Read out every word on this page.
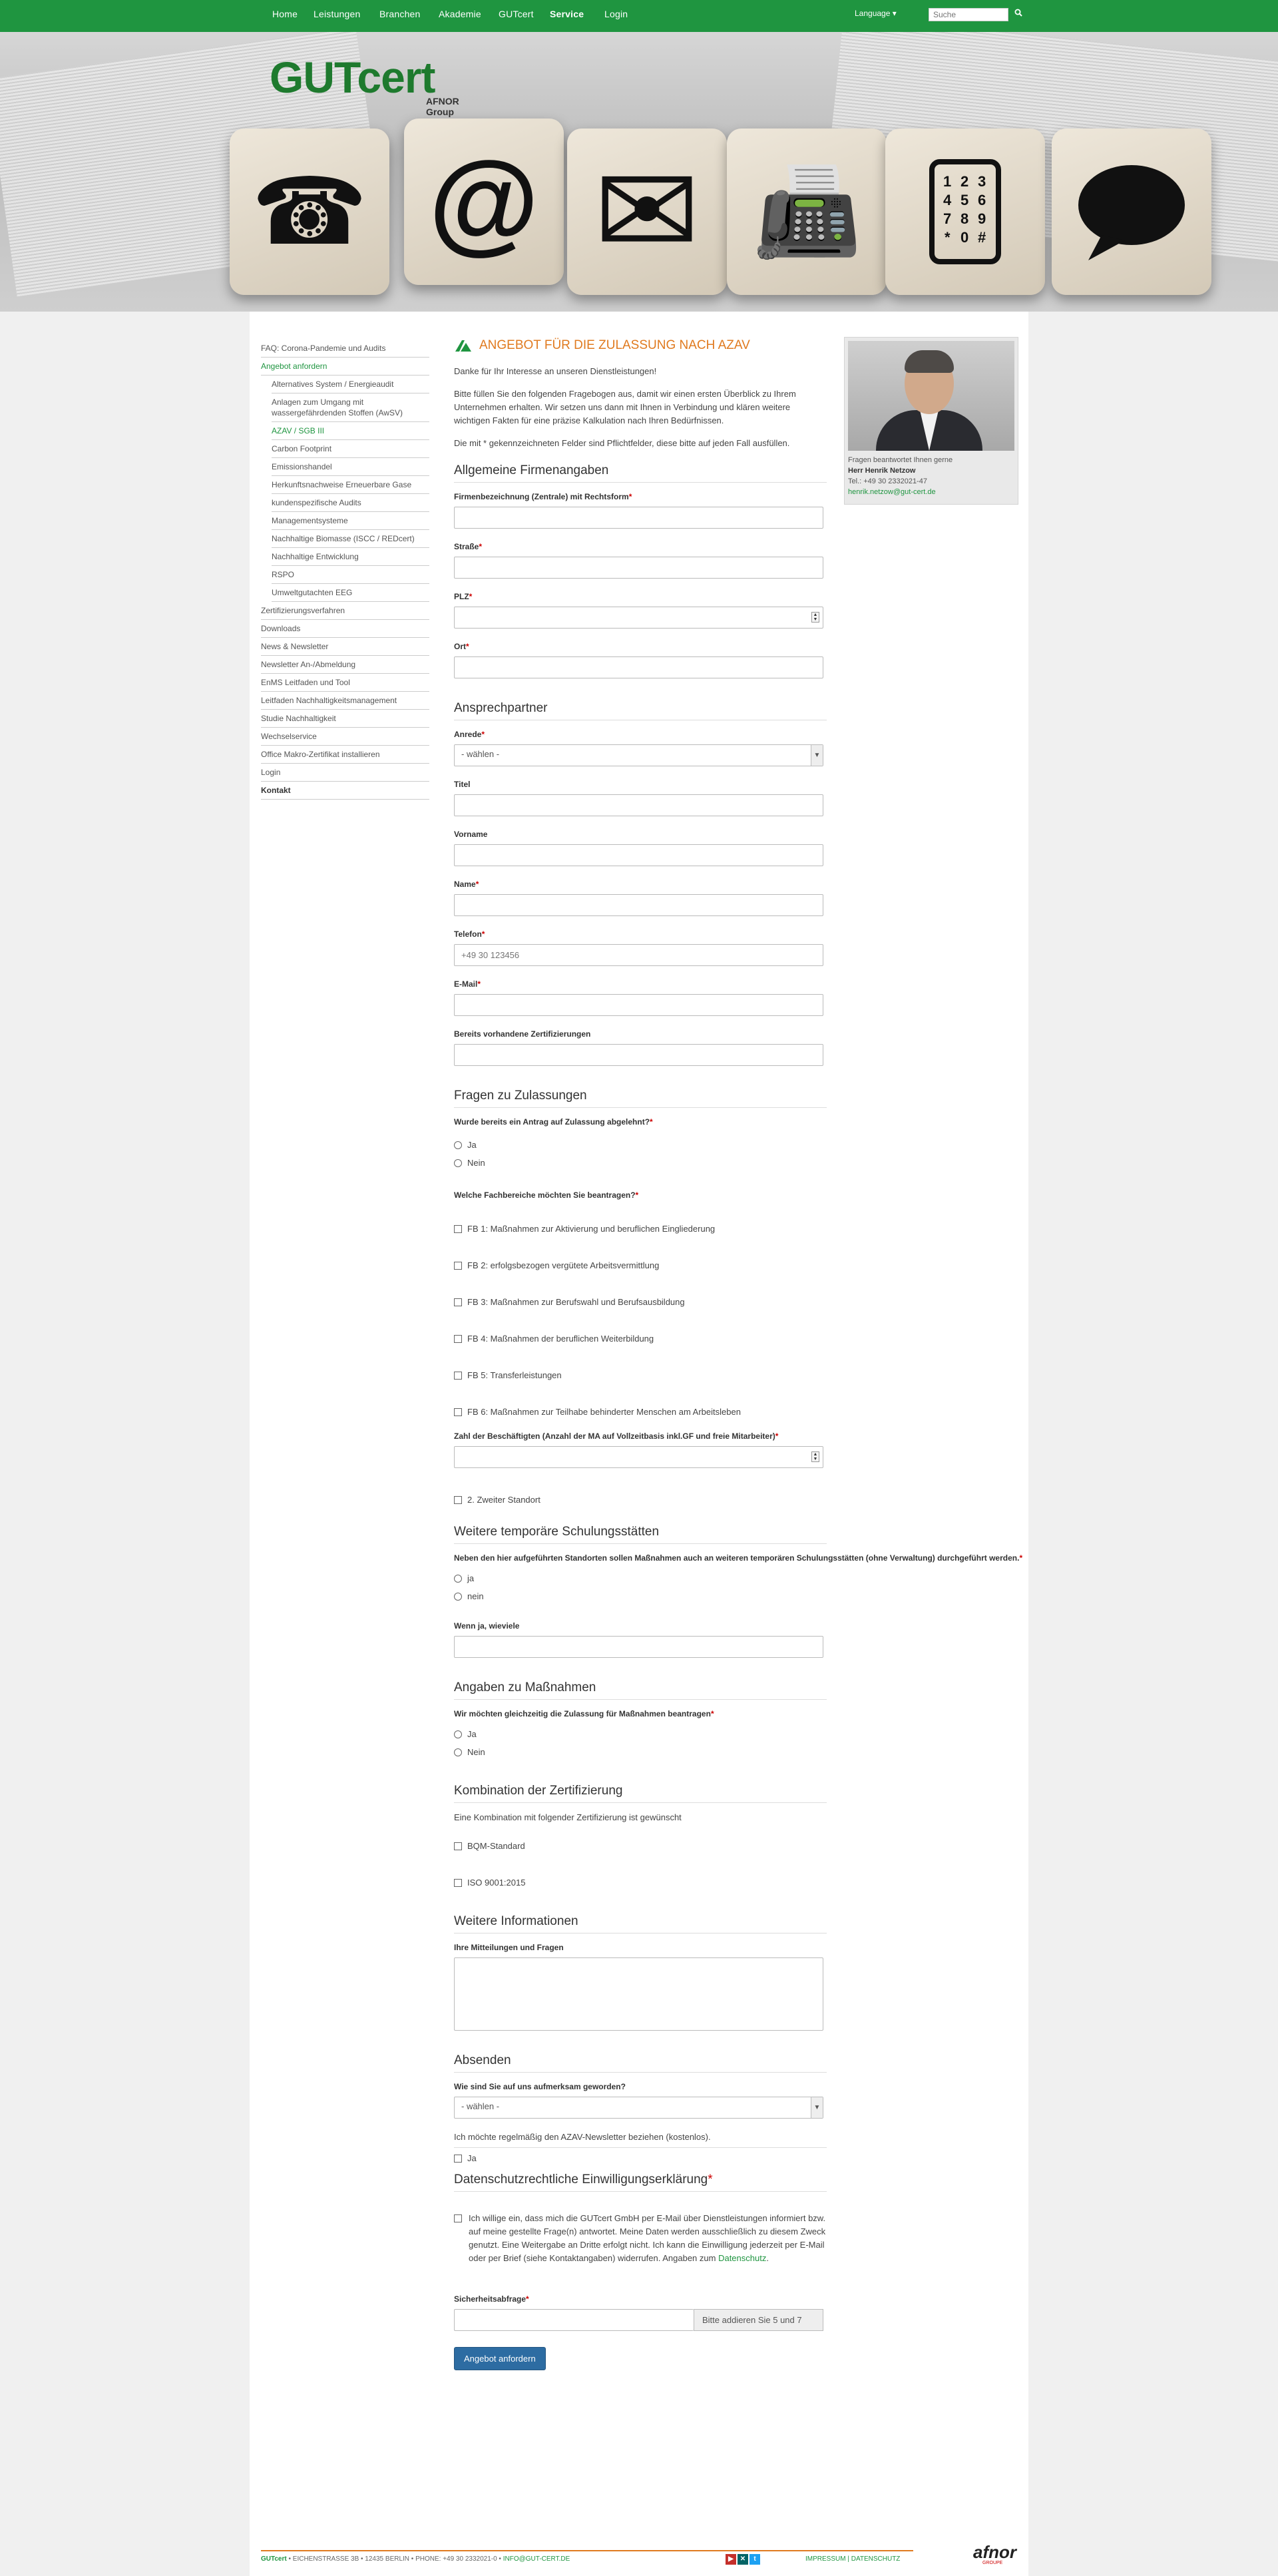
Home Leistungen Branchen Akademie GUTcert Service Login	Language ▾
Suche
☎ @ ✉ 📠	1 2 3
4 5 6
7 8 9
* 0 #
GUTcert
AFNOR Group
FAQ: Corona-Pandemie und Audits
Angebot anfordern
Alternatives System / Energieaudit
Anlagen zum Umgang mit wassergefährdenden Stoffen (AwSV)
AZAV / SGB III
Carbon Footprint
Emissionshandel
Herkunftsnachweise Erneuerbare Gase
kundenspezifische Audits
Managementsysteme
Nachhaltige Biomasse (ISCC / REDcert)
Nachhaltige Entwicklung
RSPO
Umweltgutachten EEG
Zertifizierungsverfahren
Downloads
News & Newsletter
Newsletter An-/Abmeldung
EnMS Leitfaden und Tool
Leitfaden Nachhaltigkeitsmanagement
Studie Nachhaltigkeit
Wechselservice
Office Makro-Zertifikat installieren
Login
Kontakt
ANGEBOT FÜR DIE ZULASSUNG NACH AZAV

Danke für Ihr Interesse an unseren Dienstleistungen!

Bitte füllen Sie den folgenden Fragebogen aus, damit wir einen ersten Überblick zu Ihrem Unternehmen erhalten. Wir setzen uns dann mit Ihnen in Verbindung und klären weitere wichtigen Fakten für eine präzise Kalkulation nach Ihren Bedürfnissen.

Die mit * gekennzeichneten Felder sind Pflichtfelder, diese bitte auf jeden Fall ausfüllen.

Allgemeine Firmenangaben
Firmenbezeichnung (Zentrale) mit Rechtsform*
Straße*
PLZ*
▲
▼
Ort*
Ansprechpartner
Anrede*
- wählen -	▼
Titel
Vorname
Name*
Telefon*
+49 30 123456
E-Mail*
Bereits vorhandene Zertifizierungen
Fragen zu Zulassungen
Wurde bereits ein Antrag auf Zulassung abgelehnt?*
Ja
Nein
Welche Fachbereiche möchten Sie beantragen?*
FB 1: Maßnahmen zur Aktivierung und beruflichen Eingliederung
FB 2: erfolgsbezogen vergütete Arbeitsvermittlung
FB 3: Maßnahmen zur Berufswahl und Berufsausbildung
FB 4: Maßnahmen der beruflichen Weiterbildung
FB 5: Transferleistungen
FB 6: Maßnahmen zur Teilhabe behinderter Menschen am Arbeitsleben
Zahl der Beschäftigten (Anzahl der MA auf Vollzeitbasis inkl.GF und freie Mitarbeiter)*
▲
▼
2. Zweiter Standort
Weitere temporäre Schulungsstätten
Neben den hier aufgeführten Standorten sollen Maßnahmen auch an weiteren temporären Schulungsstätten (ohne Verwaltung) durchgeführt werden.*
ja
nein
Wenn ja, wieviele
Angaben zu Maßnahmen
Wir möchten gleichzeitig die Zulassung für Maßnahmen beantragen*
Ja
Nein
Kombination der Zertifizierung
Eine Kombination mit folgender Zertifizierung ist gewünscht
BQM-Standard
ISO 9001:2015
Weitere Informationen
Ihre Mitteilungen und Fragen
Absenden
Wie sind Sie auf uns aufmerksam geworden?
- wählen -	▼
Ich möchte regelmäßig den AZAV-Newsletter beziehen (kostenlos).
Ja
Datenschutzrechtliche Einwilligungserklärung*
Ich willige ein, dass mich die GUTcert GmbH per E-Mail über Dienstleistungen informiert bzw. auf meine gestellte Frage(n) antwortet. Meine Daten werden ausschließlich zu diesem Zweck genutzt. Eine Weitergabe an Dritte erfolgt nicht. Ich kann die Einwilligung jederzeit per E-Mail oder per Brief (siehe Kontaktangaben) widerrufen. Angaben zum Datenschutz.
Sicherheitsabfrage*
Bitte addieren Sie 5 und 7
Angebot anfordern
Fragen beantwortet Ihnen gerne
Herr Henrik Netzow
Tel.: +49 30 2332021-47
henrik.netzow@gut-cert.de
GUTcert • EICHENSTRASSE 3B • 12435 BERLIN • PHONE: +49 30 2332021-0 • INFO@GUT-CERT.DE	▶ ✕	t	IMPRESSUM | DATENSCHUTZ	afnor
GROUPE
